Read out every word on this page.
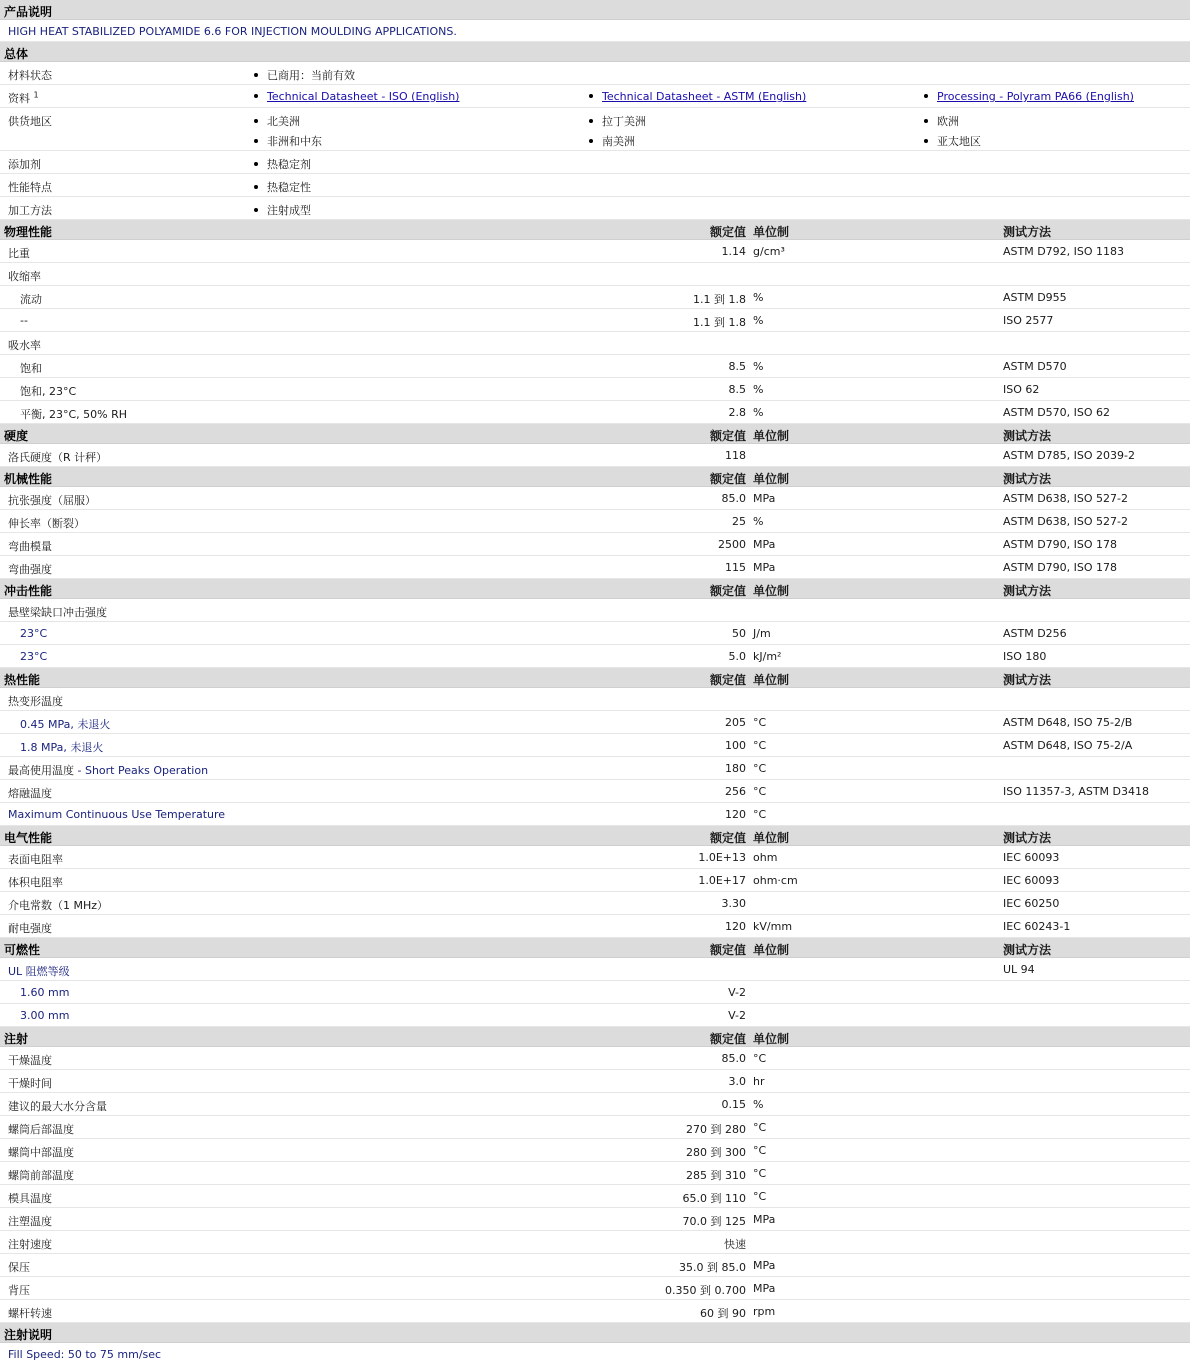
产品说明
HIGH HEAT STABILIZED POLYAMIDE 6.6 FOR INJECTION MOULDING APPLICATIONS.
总体
材料状态	已商用：当前有效
资料 $^1$	Technical Datasheet - ISO (English)	Technical Datasheet - ASTM (English)	Processing - Polyram PA66 (English)
供货地区	北美洲	拉丁美洲	欧洲
非洲和中东	南美洲	亚太地区
添加剂	热稳定剂
性能特点	热稳定性
加工方法	注射成型
物理性能	额定值 单位制	测试方法
比重	1.14 g/cm³	ASTM D792, ISO 1183
收缩率
流动	1.1 到 1.8 %	ASTM D955
--	1.1 到 1.8 %	ISO 2577
吸水率
饱和	8.5 %	ASTM D570
饱和, 23°C	8.5 %	ISO 62
平衡, 23°C, 50% RH	2.8 %	ASTM D570, ISO 62
硬度	额定值 单位制	测试方法
洛氏硬度（R 计秤）	118	ASTM D785, ISO 2039-2
机械性能	额定值 单位制	测试方法
抗张强度（屈服）	85.0 MPa	ASTM D638, ISO 527-2
伸长率（断裂）	25 %	ASTM D638, ISO 527-2
弯曲模量	2500 MPa	ASTM D790, ISO 178
弯曲强度	115 MPa	ASTM D790, ISO 178
冲击性能	额定值 单位制	测试方法
悬壁梁缺口冲击强度
23°C	50 J/m	ASTM D256
23°C	5.0 kJ/m²	ISO 180
热性能	额定值 单位制	测试方法
热变形温度
0.45 MPa, 未退火	205 °C	ASTM D648, ISO 75-2/B
1.8 MPa, 未退火	100 °C	ASTM D648, ISO 75-2/A
最高使用温度 - Short Peaks Operation	180 °C
熔融温度	256 °C	ISO 11357-3, ASTM D3418
Maximum Continuous Use Temperature	120 °C
电气性能	额定值 单位制	测试方法
表面电阻率	1.0E+13 ohm	IEC 60093
体积电阻率	1.0E+17 ohm·cm	IEC 60093
介电常数（1 MHz）	3.30	IEC 60250
耐电强度	120 kV/mm	IEC 60243-1
可燃性	额定值 单位制	测试方法
UL 阻燃等级	UL 94
1.60 mm	V-2
3.00 mm	V-2
注射	额定值 单位制
干燥温度	85.0 °C
干燥时间	3.0 hr
建议的最大水分含量	0.15 %
螺筒后部温度	270 到 280 °C
螺筒中部温度	280 到 300 °C
螺筒前部温度	285 到 310 °C
模具温度	65.0 到 110 °C
注塑温度	70.0 到 125 MPa
注射速度	快速
保压	35.0 到 85.0 MPa
背压	0.350 到 0.700 MPa
螺杆转速	60 到 90 rpm
注射说明
Fill Speed: 50 to 75 mm/sec
